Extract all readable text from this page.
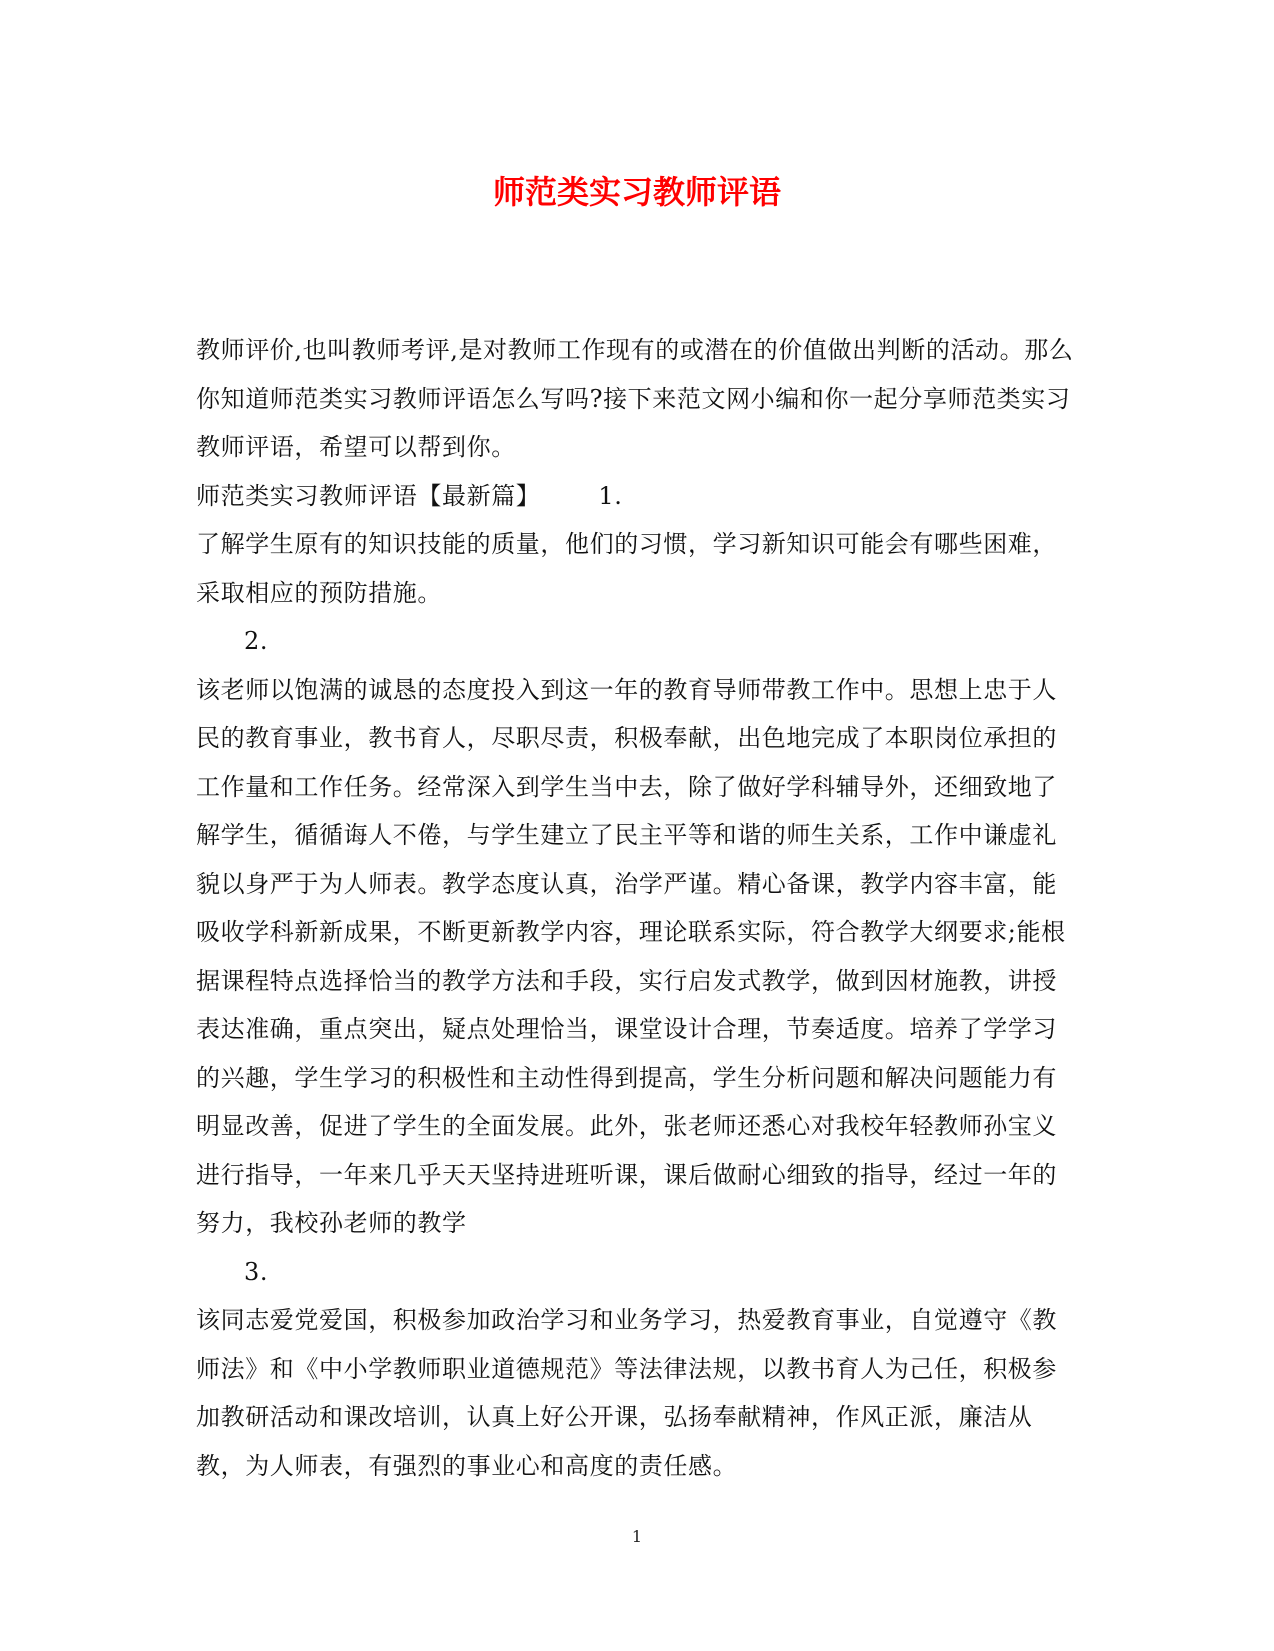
师范类实习教师评语

教师评价,也叫教师考评,是对教师工作现有的或潜在的价值做出判断的活动。那么你知道师范类实习教师评语怎么写吗?接下来范文网小编和你一起分享师范类实习教师评语，希望可以帮到你。

师范类实习教师评语【最新篇】 1.

了解学生原有的知识技能的质量，他们的习惯，学习新知识可能会有哪些困难，采取相应的预防措施。

2.

该老师以饱满的诚恳的态度投入到这一年的教育导师带教工作中。思想上忠于人民的教育事业，教书育人，尽职尽责，积极奉献，出色地完成了本职岗位承担的工作量和工作任务。经常深入到学生当中去，除了做好学科辅导外，还细致地了解学生，循循诲人不倦，与学生建立了民主平等和谐的师生关系，工作中谦虚礼貌以身严于为人师表。教学态度认真，治学严谨。精心备课，教学内容丰富，能吸收学科新新成果，不断更新教学内容，理论联系实际，符合教学大纲要求;能根据课程特点选择恰当的教学方法和手段，实行启发式教学，做到因材施教，讲授表达准确，重点突出，疑点处理恰当，课堂设计合理，节奏适度。培养了学学习的兴趣，学生学习的积极性和主动性得到提高，学生分析问题和解决问题能力有明显改善，促进了学生的全面发展。此外，张老师还悉心对我校年轻教师孙宝义进行指导，一年来几乎天天坚持进班听课，课后做耐心细致的指导，经过一年的努力，我校孙老师的教学

3.

该同志爱党爱国，积极参加政治学习和业务学习，热爱教育事业，自觉遵守《教师法》和《中小学教师职业道德规范》等法律法规，以教书育人为己任，积极参加教研活动和课改培训，认真上好公开课，弘扬奉献精神，作风正派，廉洁从教，为人师表，有强烈的事业心和高度的责任感。

1
